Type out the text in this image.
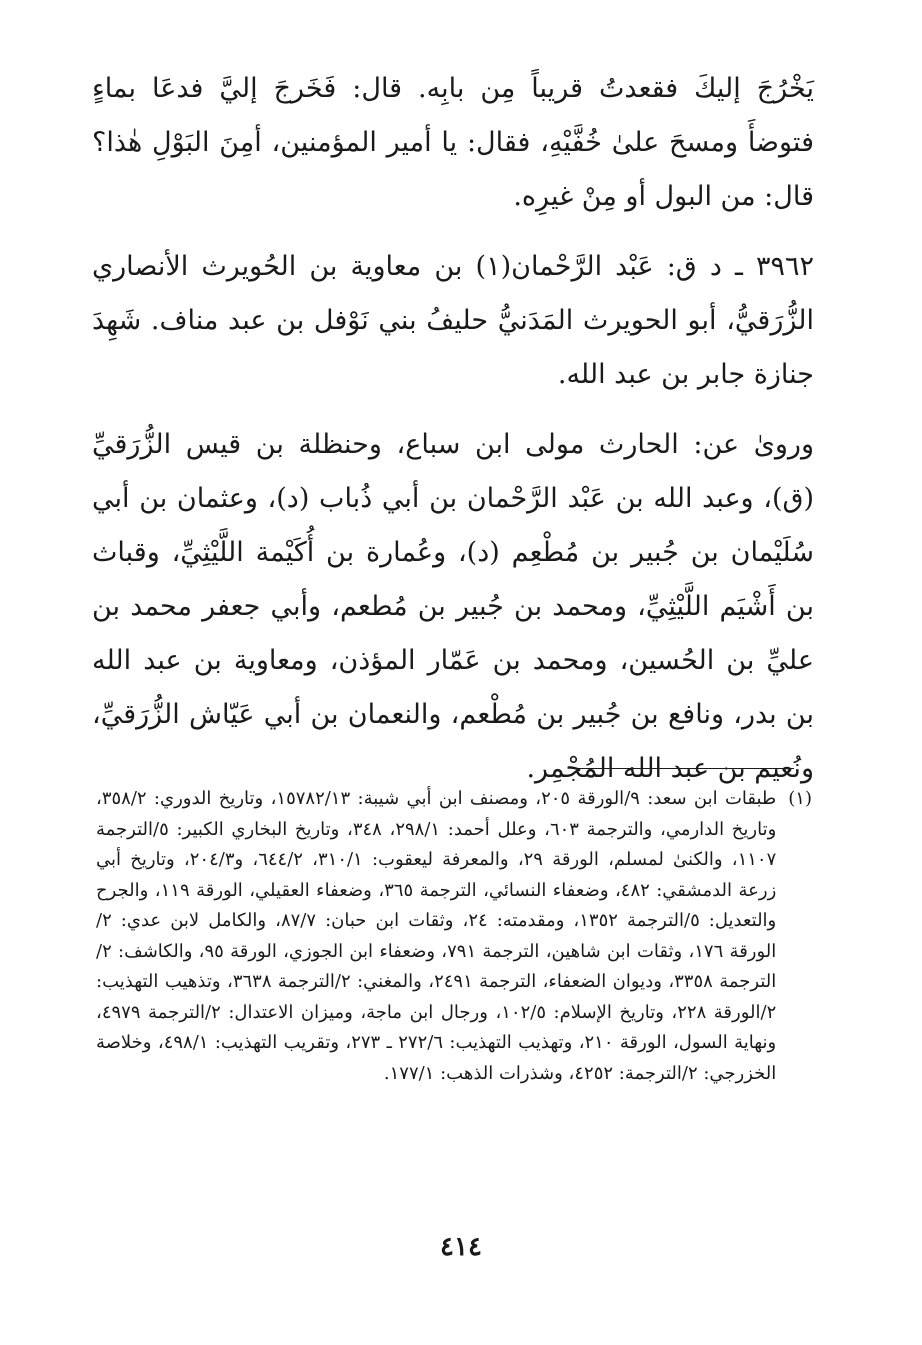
يَخْرُجَ إليكَ فقعدتُ قريباً مِن بابِه. قال: فَخَرجَ إليَّ فدعَا بماءٍ فتوضأَ ومسحَ علىٰ خُفَّيْهِ، فقال: يا أمير المؤمنين، أمِنَ البَوْلِ هٰذا؟ قال: من البول أو مِنْ غيرِه.

٣٩٦٢ ـ د ق: عَبْد الرَّحْمان(١) بن معاوية بن الحُويرث الأنصاري الزُّرَقيُّ، أبو الحويرث المَدَنيُّ حليفُ بني نَوْفل بن عبد مناف. شَهِدَ جنازة جابر بن عبد الله.

ورویٰ عن: الحارث مولى ابن سباع، وحنظلة بن قيس الزُّرَقيِّ (ق)، وعبد الله بن عَبْد الرَّحْمان بن أبي ذُباب (د)، وعثمان بن أبي سُلَيْمان بن جُبير بن مُطْعِم (د)، وعُمارة بن أُكَيْمة اللَّيْثِيِّ، وقباث بن أَشْيَم اللَّيْثِيِّ، ومحمد بن جُبير بن مُطعم، وأبي جعفر محمد بن عليِّ بن الحُسين، ومحمد بن عَمّار المؤذن، ومعاوية بن عبد الله بن بدر، ونافع بن جُبير بن مُطْعم، والنعمان بن أبي عَيّاش الزُّرَقيِّ، ونُعيم بن عبد الله المُجْمِر.

(١)

طبقات ابن سعد: ٩/الورقة ٢٠٥، ومصنف ابن أبي شيبة: ١٥٧٨٢/١٣، وتاريخ الدوري: ٣٥٨/٢، وتاريخ الدارمي، والترجمة ٦٠٣، وعلل أحمد: ٢٩٨/١، ٣٤٨، وتاريخ البخاري الكبير: ٥/الترجمة ١١٠٧، والكنیٰ لمسلم، الورقة ٢٩، والمعرفة ليعقوب: ٣١٠/١، ٦٤٤/٢، و٢٠٤/٣، وتاريخ أبي زرعة الدمشقي: ٤٨٢، وضعفاء النسائي، الترجمة ٣٦٥، وضعفاء العقيلي، الورقة ١١٩، والجرح والتعديل: ٥/الترجمة ١٣٥٢، ومقدمته: ٢٤، وثقات ابن حبان: ٨٧/٧، والكامل لابن عدي: ٢/الورقة ١٧٦، وثقات ابن شاهين، الترجمة ٧٩١، وضعفاء ابن الجوزي، الورقة ٩٥، والكاشف: ٢/الترجمة ٣٣٥٨، وديوان الضعفاء، الترجمة ٢٤٩١، والمغني: ٢/الترجمة ٣٦٣٨، وتذهيب التهذيب: ٢/الورقة ٢٢٨، وتاريخ الإسلام: ١٠٢/٥، ورجال ابن ماجة، وميزان الاعتدال: ٢/الترجمة ٤٩٧٩، ونهاية السول، الورقة ٢١٠، وتهذيب التهذيب: ٢٧٢/٦ ـ ٢٧٣، وتقريب التهذيب: ٤٩٨/١، وخلاصة الخزرجي: ٢/الترجمة: ٤٢٥٢، وشذرات الذهب: ١٧٧/١.

٤١٤
